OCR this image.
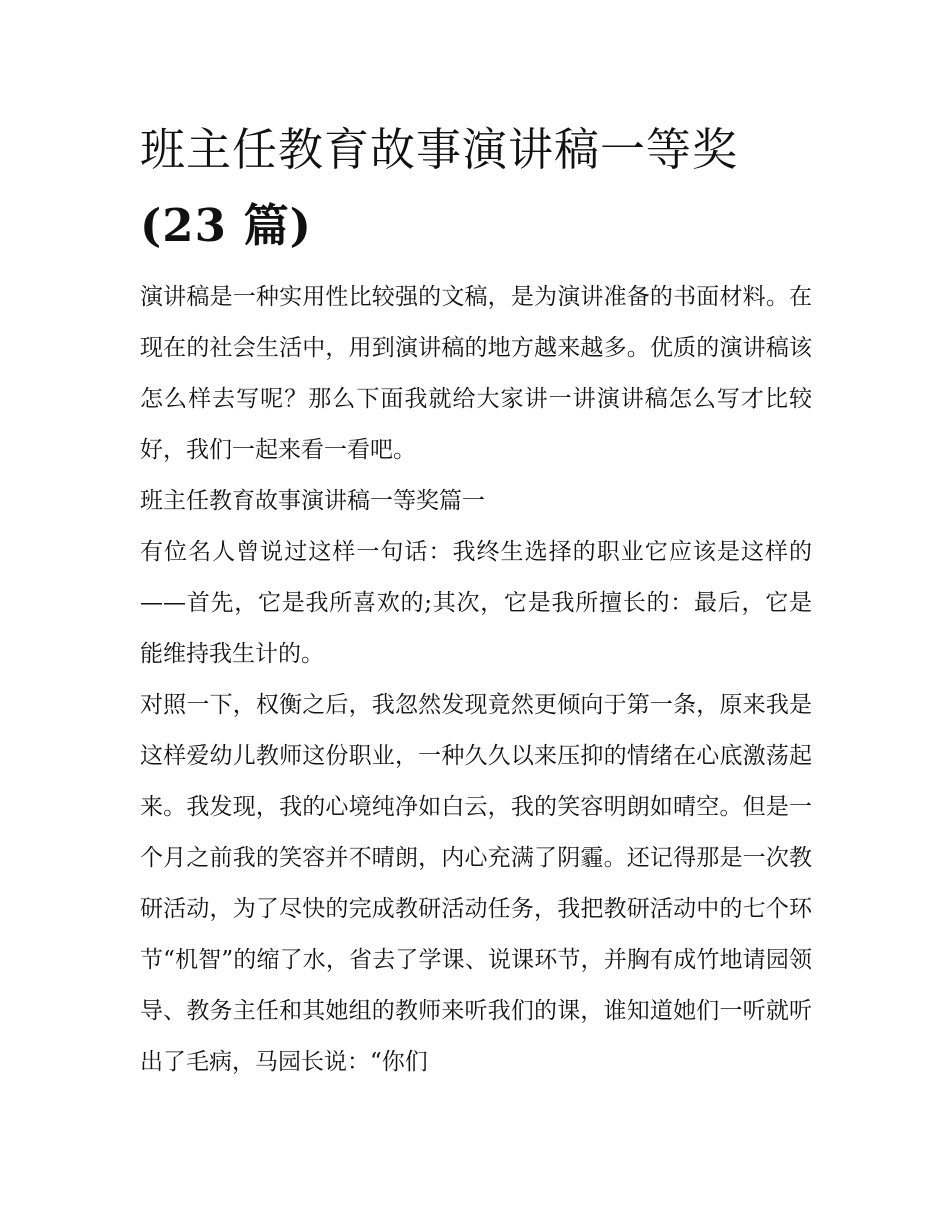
班主任教育故事演讲稿一等奖
(23 篇)

演讲稿是一种实用性比较强的文稿，是为演讲准备的书面材料。在现在的社会生活中，用到演讲稿的地方越来越多。优质的演讲稿该怎么样去写呢？那么下面我就给大家讲一讲演讲稿怎么写才比较好，我们一起来看一看吧。

班主任教育故事演讲稿一等奖篇一

有位名人曾说过这样一句话：我终生选择的职业它应该是这样的——首先，它是我所喜欢的;其次，它是我所擅长的：最后，它是能维持我生计的。

对照一下，权衡之后，我忽然发现竟然更倾向于第一条，原来我是这样爱幼儿教师这份职业，一种久久以来压抑的情绪在心底激荡起来。我发现，我的心境纯净如白云，我的笑容明朗如晴空。但是一个月之前我的笑容并不晴朗，内心充满了阴霾。还记得那是一次教研活动，为了尽快的完成教研活动任务，我把教研活动中的七个环节“机智”的缩了水，省去了学课、说课环节，并胸有成竹地请园领导、教务主任和其她组的教师来听我们的课，谁知道她们一听就听出了毛病，马园长说：“你们
